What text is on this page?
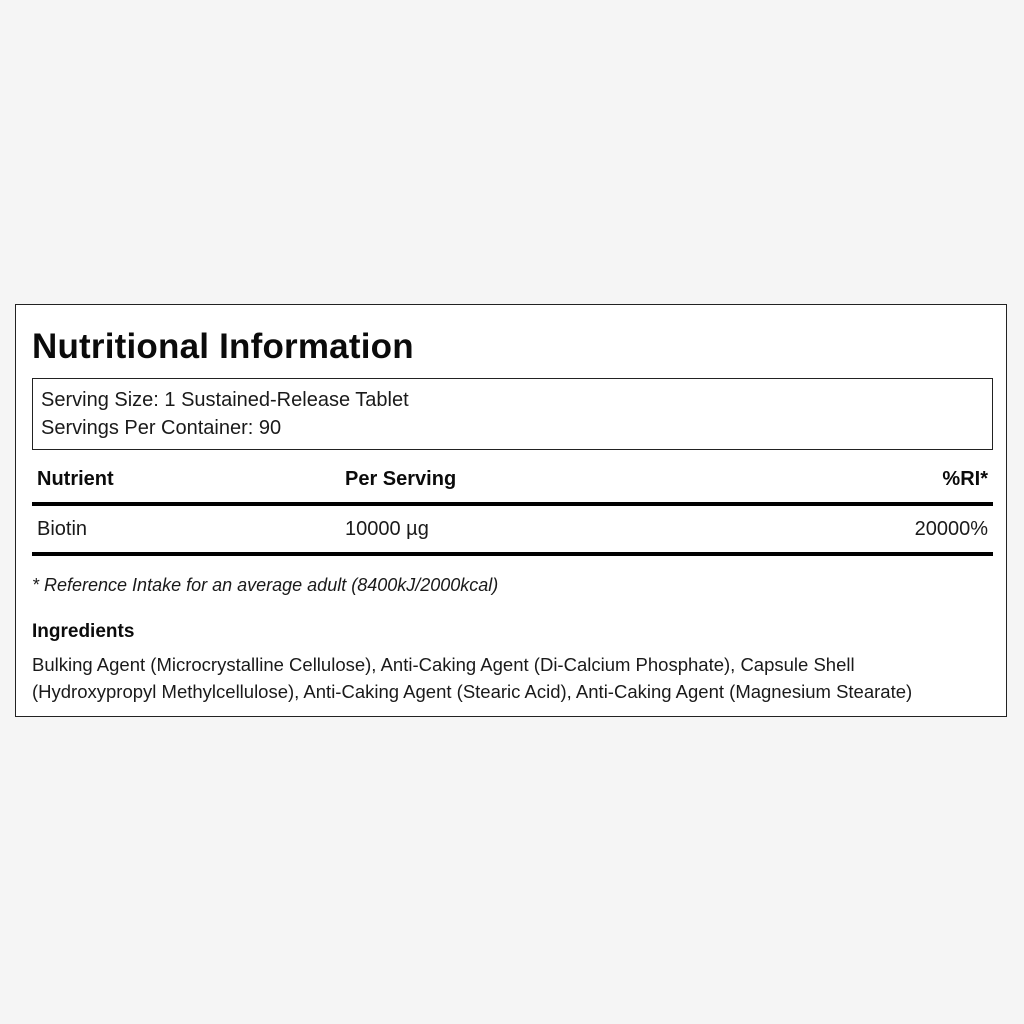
Nutritional Information
Serving Size: 1 Sustained-Release Tablet
Servings Per Container: 90
Nutrient	Per Serving	%RI*
Biotin	10000 µg	20000%
* Reference Intake for an average adult (8400kJ/2000kcal)
Ingredients
Bulking Agent (Microcrystalline Cellulose), Anti-Caking Agent (Di-Calcium Phosphate), Capsule Shell (Hydroxypropyl Methylcellulose), Anti-Caking Agent (Stearic Acid), Anti-Caking Agent (Magnesium Stearate)
